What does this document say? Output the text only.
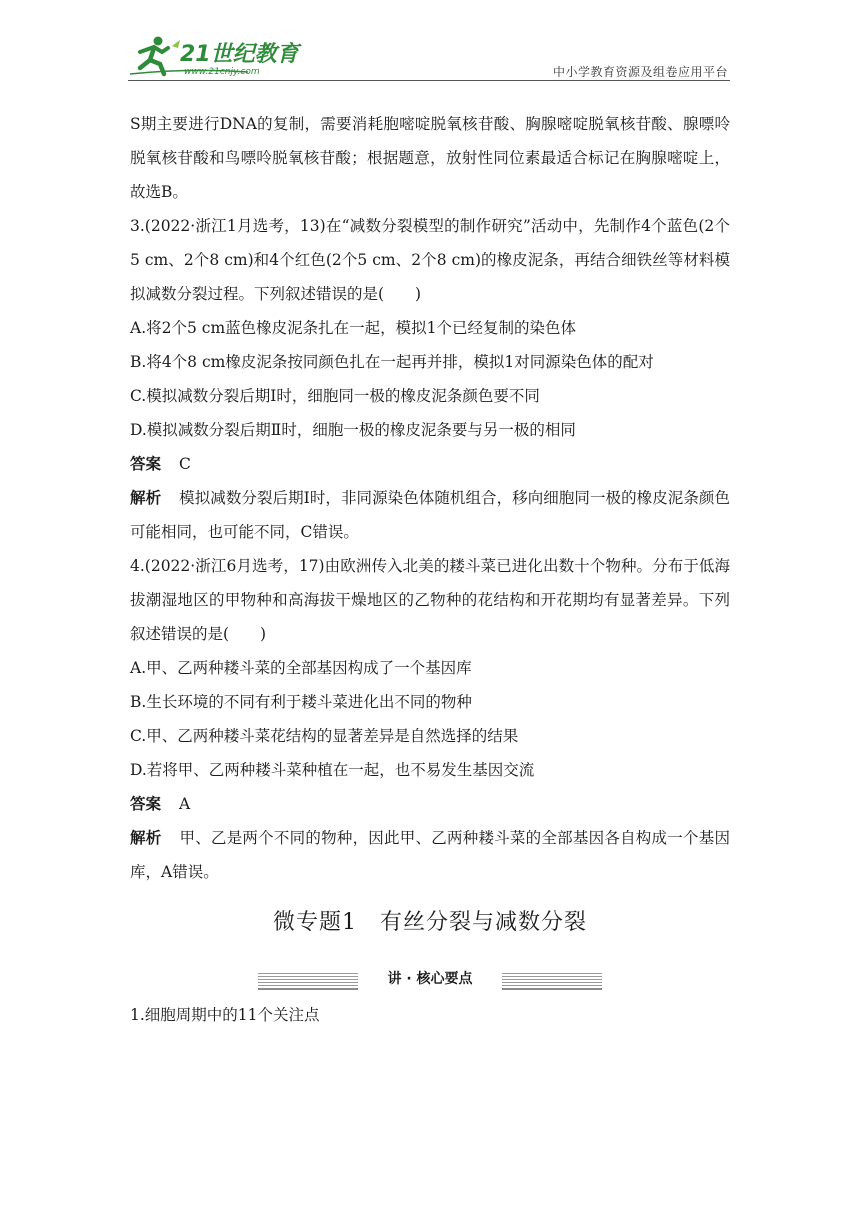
21世纪教育
www.21cnjy.com	中小学教育资源及组卷应用平台

S期主要进行DNA的复制，需要消耗胞嘧啶脱氧核苷酸、胸腺嘧啶脱氧核苷酸、腺嘌呤脱氧核苷酸和鸟嘌呤脱氧核苷酸；根据题意，放射性同位素最适合标记在胸腺嘧啶上，故选B。

3.(2022·浙江1月选考，13)在“减数分裂模型的制作研究”活动中，先制作4个蓝色(2个5 cm、2个8 cm)和4个红色(2个5 cm、2个8 cm)的橡皮泥条，再结合细铁丝等材料模拟减数分裂过程。下列叙述错误的是(　　)

A.将2个5 cm蓝色橡皮泥条扎在一起，模拟1个已经复制的染色体

B.将4个8 cm橡皮泥条按同颜色扎在一起再并排，模拟1对同源染色体的配对

C.模拟减数分裂后期Ⅰ时，细胞同一极的橡皮泥条颜色要不同

D.模拟减数分裂后期Ⅱ时，细胞一极的橡皮泥条要与另一极的相同

答案 C

解析 模拟减数分裂后期Ⅰ时，非同源染色体随机组合，移向细胞同一极的橡皮泥条颜色可能相同，也可能不同，C错误。

4.(2022·浙江6月选考，17)由欧洲传入北美的耧斗菜已进化出数十个物种。分布于低海拔潮湿地区的甲物种和高海拔干燥地区的乙物种的花结构和开花期均有显著差异。下列叙述错误的是(　　)

A.甲、乙两种耧斗菜的全部基因构成了一个基因库

B.生长环境的不同有利于耧斗菜进化出不同的物种

C.甲、乙两种耧斗菜花结构的显著差异是自然选择的结果

D.若将甲、乙两种耧斗菜种植在一起，也不易发生基因交流

答案 A

解析 甲、乙是两个不同的物种，因此甲、乙两种耧斗菜的全部基因各自构成一个基因库，A错误。

微专题1　有丝分裂与减数分裂
讲 · 核心要点
1.细胞周期中的11个关注点
